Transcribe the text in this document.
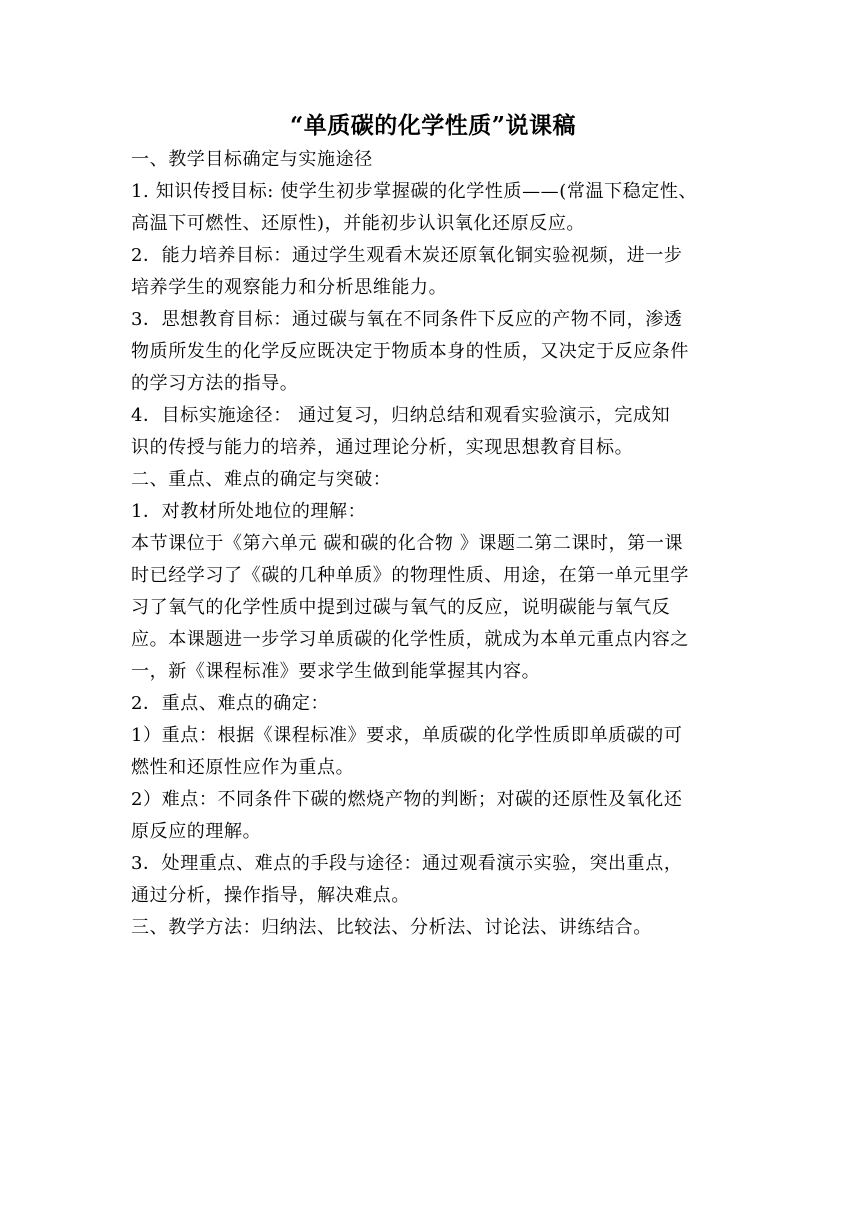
“单质碳的化学性质”说课稿
一、教学目标确定与实施途径
1. 知识传授目标: 使学生初步掌握碳的化学性质——(常温下稳定性、
高温下可燃性、还原性)，并能初步认识氧化还原反应。
2．能力培养目标：通过学生观看木炭还原氧化铜实验视频，进一步
培养学生的观察能力和分析思维能力。
3．思想教育目标：通过碳与氧在不同条件下反应的产物不同，渗透
物质所发生的化学反应既决定于物质本身的性质，又决定于反应条件
的学习方法的指导。
4．目标实施途径： 通过复习，归纳总结和观看实验演示，完成知
识的传授与能力的培养，通过理论分析，实现思想教育目标。
二、重点、难点的确定与突破：
1．对教材所处地位的理解：
本节课位于《第六单元 碳和碳的化合物 》课题二第二课时，第一课
时已经学习了《碳的几种单质》的物理性质、用途，在第一单元里学
习了氧气的化学性质中提到过碳与氧气的反应，说明碳能与氧气反
应。本课题进一步学习单质碳的化学性质，就成为本单元重点内容之
一，新《课程标准》要求学生做到能掌握其内容。
2．重点、难点的确定：
1）重点：根据《课程标准》要求，单质碳的化学性质即单质碳的可
燃性和还原性应作为重点。
2）难点：不同条件下碳的燃烧产物的判断；对碳的还原性及氧化还
原反应的理解。
3．处理重点、难点的手段与途径：通过观看演示实验，突出重点，
通过分析，操作指导，解决难点。
三、教学方法：归纳法、比较法、分析法、讨论法、讲练结合。
